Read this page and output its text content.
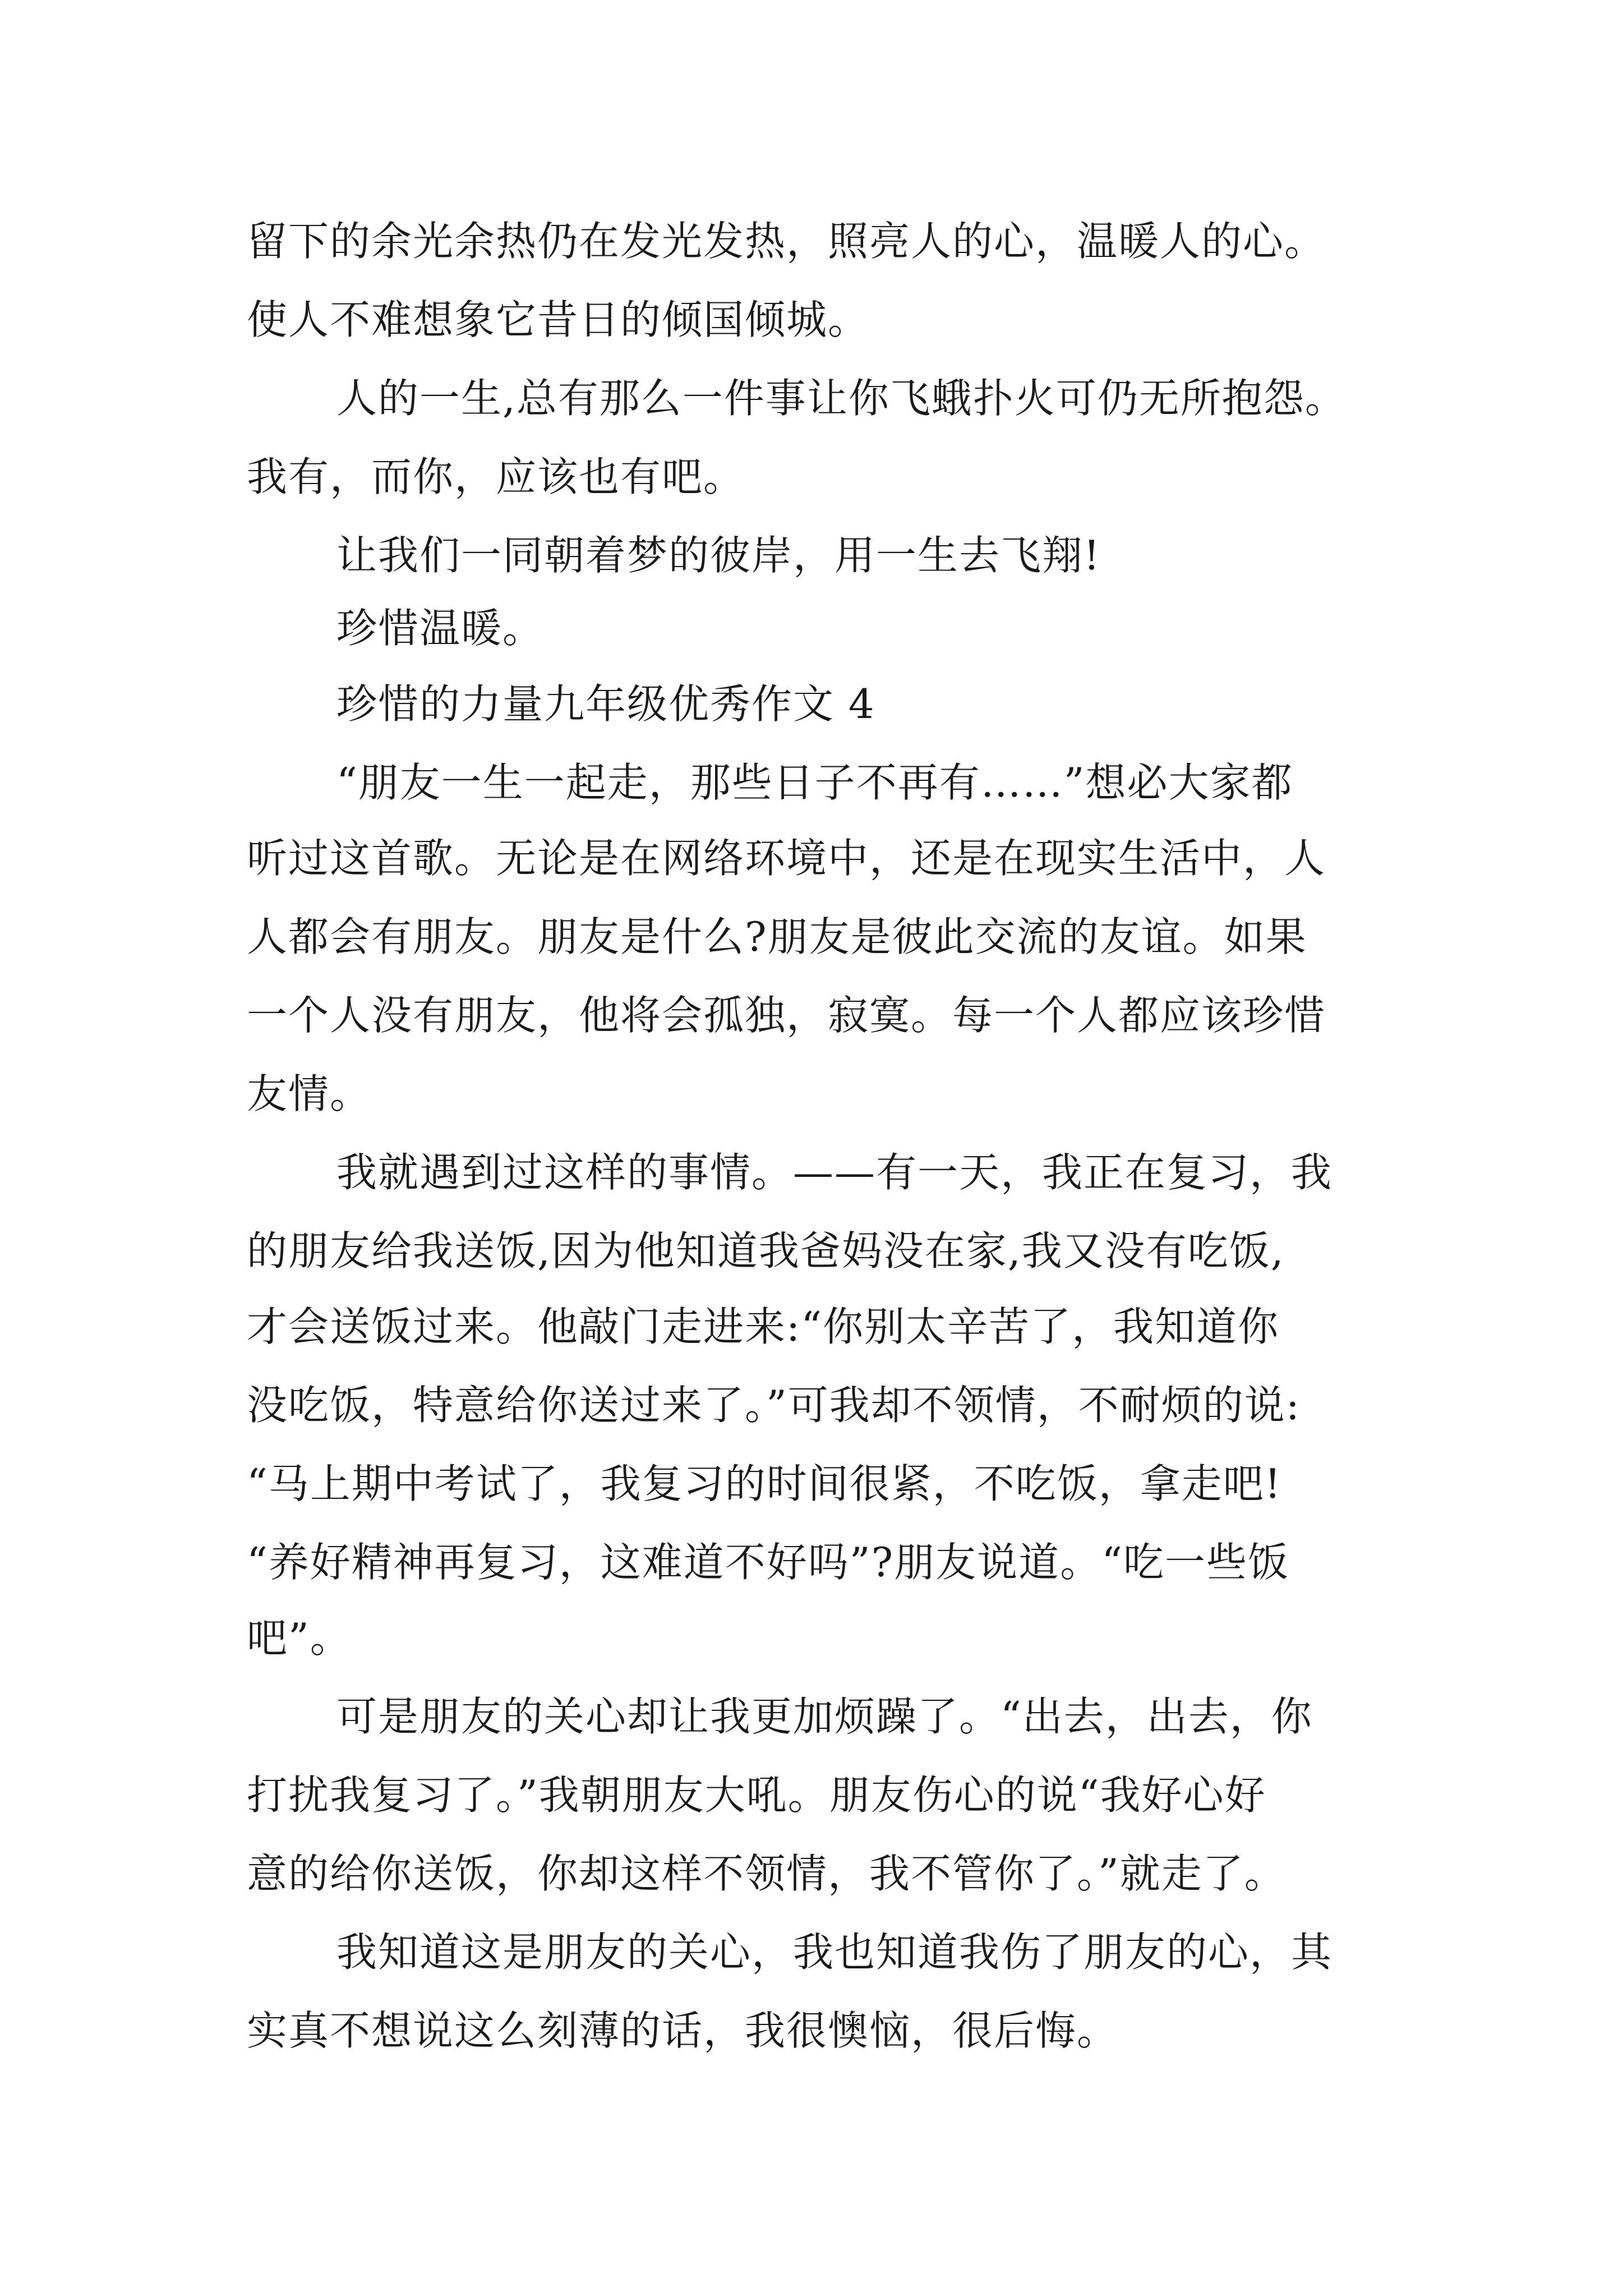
留下的余光余热仍在发光发热，照亮人的心，温暖人的心。
使人不难想象它昔日的倾国倾城。
人的一生,总有那么一件事让你飞蛾扑火可仍无所抱怨。
我有，而你，应该也有吧。
让我们一同朝着梦的彼岸，用一生去飞翔!
珍惜温暖。
珍惜的力量九年级优秀作文 4
“朋友一生一起走，那些日子不再有……”想必大家都
听过这首歌。无论是在网络环境中，还是在现实生活中，人
人都会有朋友。朋友是什么?朋友是彼此交流的友谊。如果
一个人没有朋友，他将会孤独，寂寞。每一个人都应该珍惜
友情。
我就遇到过这样的事情。——有一天，我正在复习，我
的朋友给我送饭,因为他知道我爸妈没在家,我又没有吃饭,
才会送饭过来。他敲门走进来:“你别太辛苦了，我知道你
没吃饭，特意给你送过来了。”可我却不领情，不耐烦的说:
“马上期中考试了，我复习的时间很紧，不吃饭，拿走吧!
“养好精神再复习，这难道不好吗”?朋友说道。“吃一些饭
吧”。
可是朋友的关心却让我更加烦躁了。“出去，出去，你
打扰我复习了。”我朝朋友大吼。朋友伤心的说“我好心好
意的给你送饭，你却这样不领情，我不管你了。”就走了。
我知道这是朋友的关心，我也知道我伤了朋友的心，其
实真不想说这么刻薄的话，我很懊恼，很后悔。
